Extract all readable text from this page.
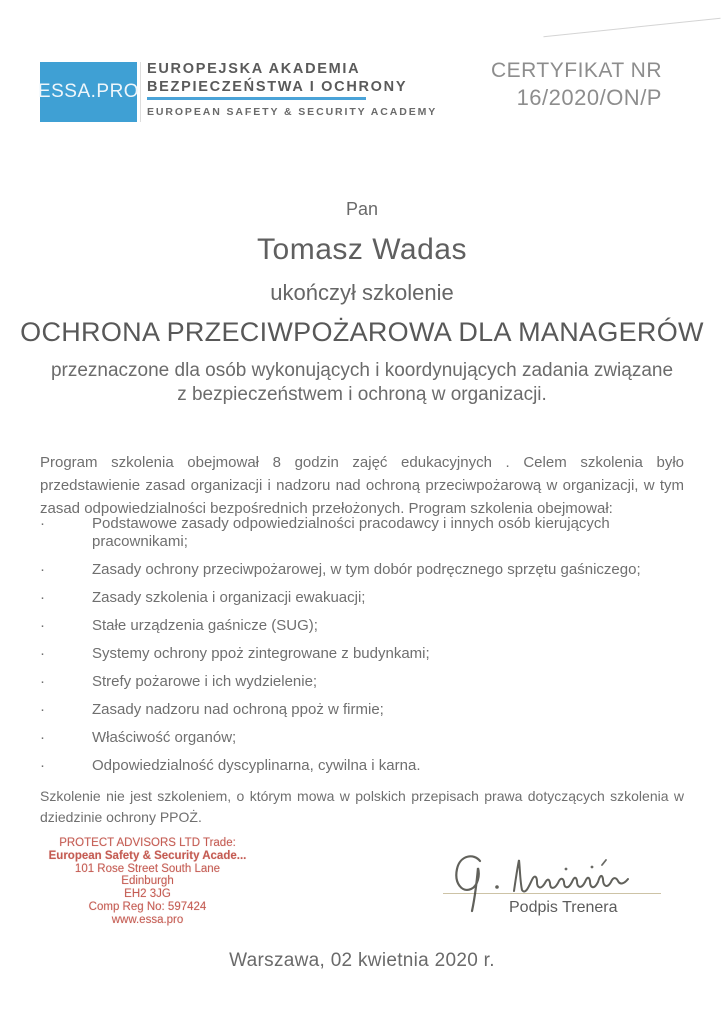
ESSA.PRO
EUROPEJSKA AKADEMIA
BEZPIECZEŃSTWA I OCHRONY
EUROPEAN SAFETY & SECURITY ACADEMY
CERTYFIKAT NR
16/2020/ON/P
Pan
Tomasz Wadas
ukończył szkolenie
OCHRONA PRZECIWPOŻAROWA DLA MANAGERÓW
przeznaczone dla osób wykonujących i koordynujących zadania związane
z bezpieczeństwem i ochroną w organizacji.
Program szkolenia obejmował 8 godzin zajęć edukacyjnych . Celem szkolenia było przedstawienie zasad organizacji i nadzoru nad ochroną przeciwpożarową w organizacji, w tym zasad odpowiedzialności bezpośrednich przełożonych. Program szkolenia obejmował:
· Podstawowe zasady odpowiedzialności pracodawcy i innych osób kierujących pracownikami;
· Zasady ochrony przeciwpożarowej, w tym dobór podręcznego sprzętu gaśniczego;
· Zasady szkolenia i organizacji ewakuacji;
· Stałe urządzenia gaśnicze (SUG);
· Systemy ochrony ppoż zintegrowane z budynkami;
· Strefy pożarowe i ich wydzielenie;
· Zasady nadzoru nad ochroną ppoż w firmie;
· Właściwość organów;
· Odpowiedzialność dyscyplinarna, cywilna i karna.
Szkolenie nie jest szkoleniem, o którym mowa w polskich przepisach prawa dotyczących szkolenia w dziedzinie ochrony PPOŻ.
PROTECT ADVISORS LTD Trade:
European Safety & Security Acade...
101 Rose Street South Lane
Edinburgh
EH2 3JG
Comp Reg No: 597424
www.essa.pro
Podpis Trenera
Warszawa, 02 kwietnia 2020 r.
